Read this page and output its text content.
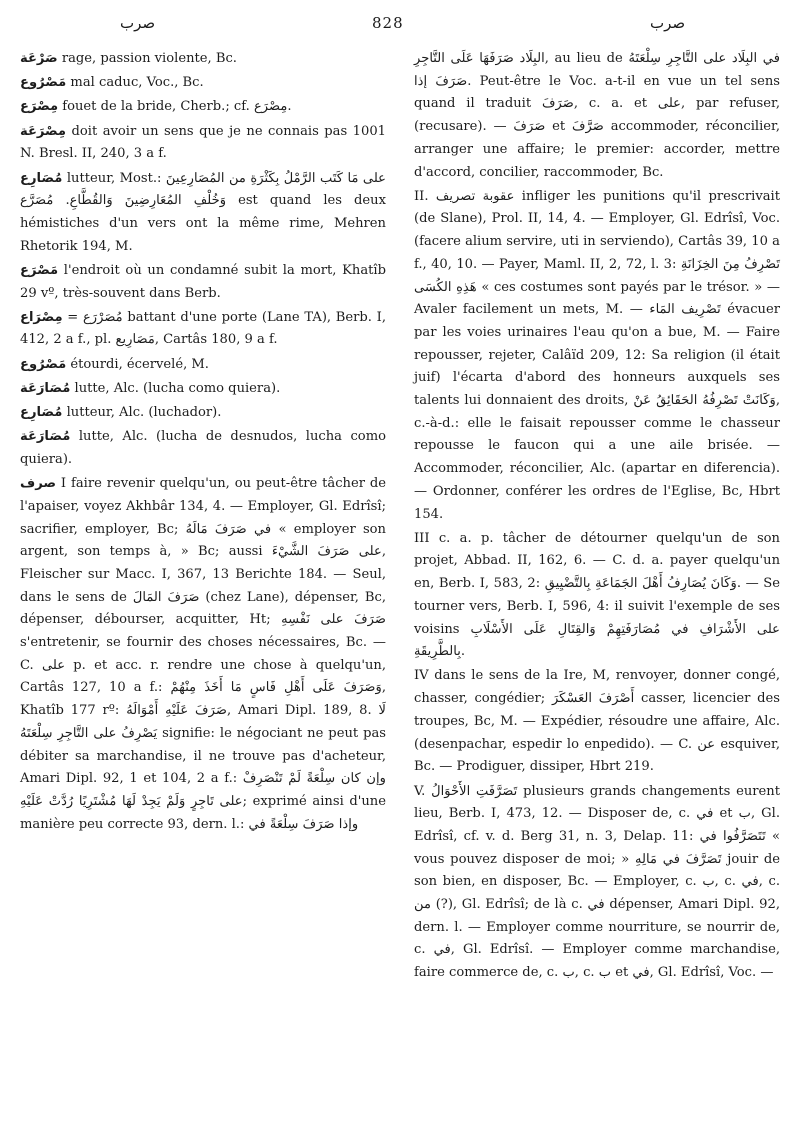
صرب	828	صرب

صَرْعَة rage, passion violente, Bc.

مَصْرُوع mal caduc, Voc., Bc.

مِصْرَع fouet de la bride, Cherb.; cf. مِصْرَع.

مِصْرَعَة doit avoir un sens que je ne connais pas 1001 N. Bresl. II, 240, 3 a f.

مُصَارِع lutteur, Most.: على مَا كَتَب الرَّمْلُ بِكَثْرَةِ من المُصَارِعِينَ وَخُلْفِ المُعَارِضِينَ وَالقُطَّاعِ. مُصَرَّع est quand les deux hémistiches d'un vers ont la même rime, Mehren Rhetorik 194, M.

مَصْرَع l'endroit où un condamné subit la mort, Khatîb 29 vº, très-souvent dans Berb.

مِصْرَاع = مُصَرْرَع battant d'une porte (Lane TA), Berb. I, 412, 2 a f., pl. مَصَارِيع, Cartâs 180, 9 a f.

مَصْرُوع étourdi, écervelé, M.

مُصَارَعَة lutte, Alc. (lucha como quiera).

مُصَارِع lutteur, Alc. (luchador).

مُصَارَعَة lutte, Alc. (lucha de desnudos, lucha como quiera).

صرف I faire revenir quelqu'un, ou peut-être tâcher de l'apaiser, voyez Akhbâr 134, 4. — Employer, Gl. Edrîsî; sacrifier, employer, Bc; في صَرَفَ مَالَهُ « employer son argent, son temps à, » Bc; aussi على صَرَفَ الشَّيْءَ, Fleischer sur Macc. I, 367, 13 Berichte 184. — Seul, dans le sens de صَرَفَ المَالَ (chez Lane), dépenser, Bc, dépenser, débourser, acquitter, Ht; صَرَفَ على نَفْسِهِ s'entretenir, se fournir des choses nécessaires, Bc. — C. على p. et acc. r. rendre une chose à quelqu'un, Cartâs 127, 10 a f.: وَصَرَفَ عَلَى أَهْلِ فَاسٍ مَا أَخَذَ مِنْهُمْ, Khatîb 177 rº: صَرَفَ عَلَيْهِ أَمْوَالَهُ, Amari Dipl. 189, 8. لَا يَصْرِفُ على التَّاجِرِ سِلْعَتَهُ signifie: le négociant ne peut pas débiter sa marchandise, il ne trouve pas d'acheteur, Amari Dipl. 92, 1 et 104, 2 a f.: وإن كان سِلْعَةً لَمْ تَنْصَرِفْ على تَاجِرٍ وَلَمْ يَجِدْ لَهَا مُشْتَرِيًا رُدَّتْ عَلَيْهِ; exprimé ainsi d'une manière peu correcte 93, dern. l.: وإذا صَرَفَ سِلْعَةً في

البِلَاد صَرَفَهَا عَلَى التَّاجِرِ, au lieu de في البِلَاد على التَّاجِرِ سِلْعَتَهُ صَرَفَ إذا. Peut-être le Voc. a-t-il en vue un tel sens quand il traduit صَرَفَ, c. a. et على, par refuser, (recusare). — صَرَفَ et صَرَّفَ accommoder, réconcilier, arranger une affaire; le premier: accorder, mettre d'accord, concilier, raccommoder, Bc.

II. عقوبة تصريف infliger les punitions qu'il prescrivait (de Slane), Prol. II, 14, 4. — Employer, Gl. Edrîsî, Voc. (facere alium servire, uti in serviendo), Cartâs 39, 10 a f., 40, 10. — Payer, Maml. II, 2, 72, l. 3: تَصْرِفُ مِنَ الخِزَانَةِ هَذِهِ الكُسَى « ces costumes sont payés par le trésor. » — Avaler facilement un mets, M. — تَصْرِيف المَاء évacuer par les voies urinaires l'eau qu'on a bue, M. — Faire repousser, rejeter, Calâïd 209, 12: Sa religion (il était juif) l'écarta d'abord des honneurs auxquels ses talents lui donnaient des droits, وَكَانَتْ تَصْرِفُهُ الحَقَائِقُ عَنْ, c.-à-d.: elle le faisait repousser comme le chasseur repousse le faucon qui a une aile brisée. — Accommoder, réconcilier, Alc. (apartar en diferencia). — Ordonner, conférer les ordres de l'Eglise, Bc, Hbrt 154.

III c. a. p. tâcher de détourner quelqu'un de son projet, Abbad. II, 162, 6. — C. d. a. payer quelqu'un en, Berb. I, 583, 2: وَكَانَ يُصَارِفُ أَهْلَ الجَمَاعَةِ بِالتَّضْيِيقِ. — Se tourner vers, Berb. I, 596, 4: il suivit l'exemple de ses voisins على الأَشْرَافِ في مُصَارَفَتِهِمْ وَالقِتَالِ عَلَى الأَسْلَابِ بِالطَّرِيقَةِ.

IV dans le sens de la Ire, M, renvoyer, donner congé, chasser, congédier; أَصْرَفَ العَسْكَرَ casser, licencier des troupes, Bc, M. — Expédier, résoudre une affaire, Alc. (desenpachar, espedir lo enpedido). — C. عن esquiver, Bc. — Prodiguer, dissiper, Hbrt 219.

V. تَصَرَّفَتِ الأَحْوَالُ plusieurs grands changements eurent lieu, Berb. I, 473, 12. — Disposer de, c. في et ب, Gl. Edrîsî, cf. v. d. Berg 31, n. 3, Delap. 11: تَتَصَرَّفُوا في « vous pouvez disposer de moi; » تَصَرَّفَ في مَالِهِ jouir de son bien, en disposer, Bc. — Employer, c. ب, c. في, c. من (?), Gl. Edrîsî; de là c. في dépenser, Amari Dipl. 92, dern. l. — Employer comme nourriture, se nourrir de, c. في, Gl. Edrîsî. — Employer comme marchandise, faire commerce de, c. ب, c. ب et في, Gl. Edrîsî, Voc. —
